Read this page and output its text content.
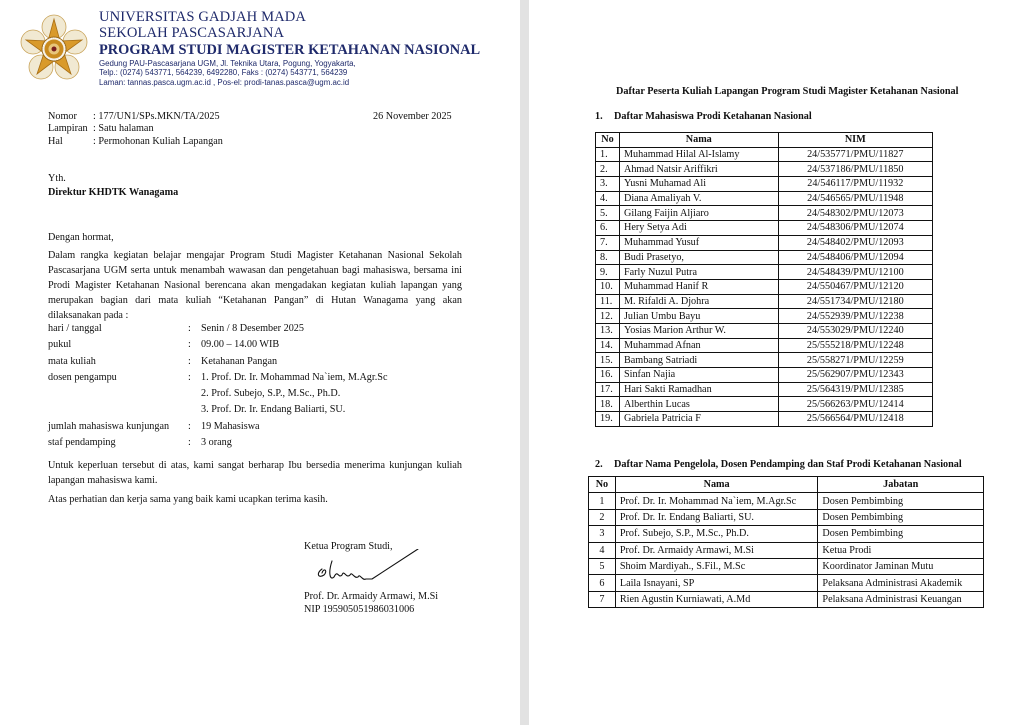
UNIVERSITAS GADJAH MADA
SEKOLAH PASCASARJANA
PROGRAM STUDI MAGISTER KETAHANAN NASIONAL
Gedung PAU-Pascasarjana UGM, Jl. Teknika Utara, Pogung, Yogyakarta,
Telp.: (0274) 543771, 564239, 6492280, Faks : (0274) 543771, 564239
Laman: tannas.pasca.ugm.ac.id , Pos-el: prodi-tanas.pasca@ugm.ac.id
Nomor	: 177/UN1/SPs.MKN/TA/2025
Lampiran : Satu halaman
Hal	: Permohonan Kuliah Lapangan
26 November 2025
Yth.
Direktur KHDTK Wanagama
Dengan hormat,
Dalam rangka kegiatan belajar mengajar Program Studi Magister Ketahanan Nasional Sekolah Pascasarjana UGM serta untuk menambah wawasan dan pengetahuan bagi mahasiswa, bersama ini Prodi Magister Ketahanan Nasional berencana akan mengadakan kegiatan kuliah lapangan yang merupakan bagian dari mata kuliah “Ketahanan Pangan” di Hutan Wanagama yang akan dilaksanakan pada :
hari / tanggal	: Senin / 8 Desember 2025
pukul	: 09.00 – 14.00 WIB
mata kuliah	: Ketahanan Pangan
dosen pengampu	: 1. Prof. Dr. Ir. Mohammad Na`iem, M.Agr.Sc
2. Prof. Subejo, S.P., M.Sc., Ph.D.
3. Prof. Dr. Ir. Endang Baliarti, SU.
jumlah mahasiswa kunjungan	: 19 Mahasiswa
staf pendamping	: 3 orang
Untuk keperluan tersebut di atas, kami sangat berharap Ibu bersedia menerima kunjungan kuliah lapangan mahasiswa kami.
Atas perhatian dan kerja sama yang baik kami ucapkan terima kasih.
Ketua Program Studi,
Prof. Dr. Armaidy Armawi, M.Si
NIP 195905051986031006
Daftar Peserta Kuliah Lapangan Program Studi Magister Ketahanan Nasional
1. Daftar Mahasiswa Prodi Ketahanan Nasional
No	Nama	NIM
1.	Muhammad Hilal Al-Islamy	24/535771/PMU/11827
2.	Ahmad Natsir Ariffikri	24/537186/PMU/11850
3.	Yusni Muhamad Ali	24/546117/PMU/11932
4.	Diana Amaliyah V.	24/546565/PMU/11948
5.	Gilang Faijin Aljiaro	24/548302/PMU/12073
6.	Hery Setya Adi	24/548306/PMU/12074
7.	Muhammad Yusuf	24/548402/PMU/12093
8.	Budi Prasetyo,	24/548406/PMU/12094
9.	Farly Nuzul Putra	24/548439/PMU/12100
10.	Muhammad Hanif R	24/550467/PMU/12120
11.	M. Rifaldi A. Djohra	24/551734/PMU/12180
12.	Julian Umbu Bayu	24/552939/PMU/12238
13.	Yosias Marion Arthur W.	24/553029/PMU/12240
14.	Muhammad Afnan	25/555218/PMU/12248
15.	Bambang Satriadi	25/558271/PMU/12259
16.	Sinfan Najia	25/562907/PMU/12343
17.	Hari Sakti Ramadhan	25/564319/PMU/12385
18.	Alberthin Lucas	25/566263/PMU/12414
19.	Gabriela Patricia F	25/566564/PMU/12418
2. Daftar Nama Pengelola, Dosen Pendamping dan Staf Prodi Ketahanan Nasional
No	Nama	Jabatan
1	Prof. Dr. Ir. Mohammad Na`iem, M.Agr.Sc	Dosen Pembimbing
2	Prof. Dr. Ir. Endang Baliarti, SU.	Dosen Pembimbing
3	Prof. Subejo, S.P., M.Sc., Ph.D.	Dosen Pembimbing
4	Prof. Dr. Armaidy Armawi, M.Si	Ketua Prodi
5	Shoim Mardiyah., S.Fil., M.Sc	Koordinator Jaminan Mutu
6	Laila Isnayani, SP	Pelaksana Administrasi Akademik
7	Rien Agustin Kurniawati, A.Md	Pelaksana Administrasi Keuangan
